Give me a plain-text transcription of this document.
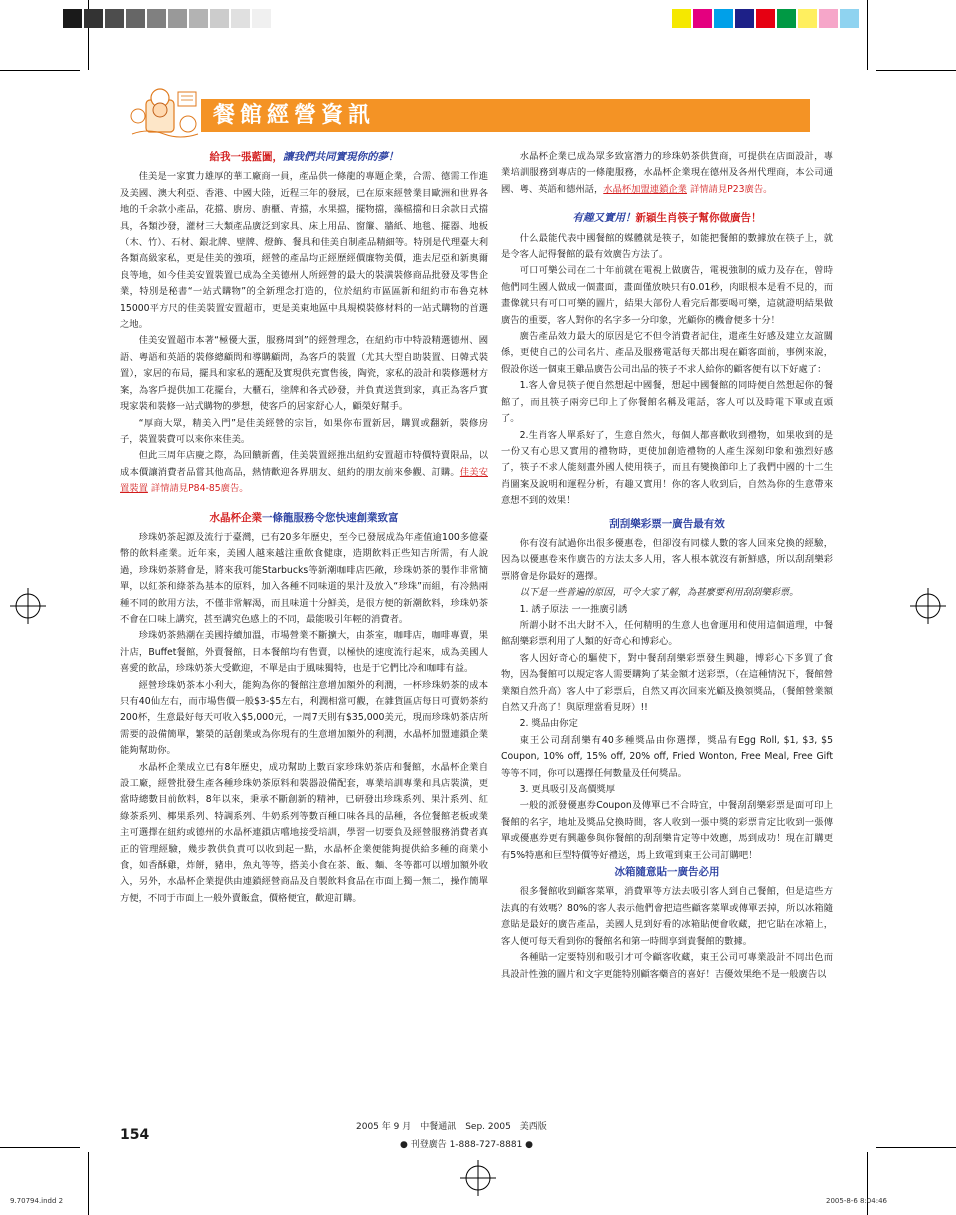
餐館經營資訊
給我一張藍圖，讓我們共同實現你的夢！

佳美是一家實力雄厚的華工廠商一員，產品供一條龍的專題企業，合需、德需工作進及美國、澳大利亞、香港、中國大陸，近程三年的發展，已在原來經營業目歐洲和世界各地的千余款小產品，花擋、廚房、廚櫃、青擋，水果擋，擺物擋，藻檔擋和日余款日式擋具，各類沙發，灌材三大類產品廣泛到家具、床上用品、窗簾、牆紙、地毯、擺器、地板（木、竹）、石材、銀北牌、壁牌、燈飾、餐具和佳美自制產品精細等。特別是代理臺大利各類高級家私，更是佳美的強項，經營的產品均正經歷經價廉物美價，進去尼亞和新奧爾良等地，如今佳美安置裝置已成為全美德州人所經營的最大的裝潢裝修商品批發及零售企業，特別是秘書“一站式購物”的全新理念打造的，位於紐約市區區新和紐約市布魯克林15000平方尺的佳美裝置安置超市，更是美東地區中具規模裝修材料的一站式購物的首選之地。

佳美安置超市本著“極優大蛋，服務周到”的經營理念，在紐約市中特設精選德州、國語、粵語和英語的裝修總顧問和導購顧問，為客戶的裝置（尤其大型自助裝置、日韓式裝置），家居的布局，擺具和家私的選配及實現供充實售後，陶瓷，家私的設計和裝修選材方案，為客戶提供加工花擺台，大櫃石，塗牌和各式砂發，并負責送貨到家，真正為客戶實現家裝和裝修一站式購物的夢想，使客戶的居家舒心人，顧榮好幫手。

“厚商大眾，精美入門”是佳美經營的宗旨，如果你布置新居，購買或翻新，裝修房子，裝置裝費可以來你來佳美。

但此三周年店慶之際，為回饋新舊，佳美裝置經推出紐約安置超市特價特賣限品，以成本價讓消費者品嘗其他高品，熱情歡迎各界朋友、紐約的朋友前來參觀、訂購。佳美安置裝置 詳情請見P84-85廣告。

水晶杯企業一條龍服務令您快速創業致富

珍珠奶茶起源及流行于臺灣，已有20多年歷史，至今已發展成為年產值逾100多億臺幣的飲料產業。近年來，美國人越來越注重飲食健康，造期飲料正些知吉所需，有人說過，珍珠奶茶將會是，將來我可能Starbucks等新潮咖啡店匹敵，珍珠奶茶的製作非常簡單，以紅茶和綠茶為基本的原料，加入各種不同味道的果汁及放入“珍珠”而組，有冷熱兩種不同的飲用方法，不僅非常解渴，而且味道十分鮮美，是很方便的新潮飲料，珍珠奶茶不會在口味上講究，甚至講究色感上的不同，最能吸引年輕的消費者。

珍珠奶茶熱潮在美國持續加溫，市場營業不斷擴大，由茶室，咖啡店，咖啡專賣，果汁店，Buffet餐館，外賣餐館，日本餐館均有售賣，以極快的速度流行起來，成為美國人喜愛的飲品，珍珠奶茶大受歡迎，不單是由于風味獨特，也是于它們比冷和咖啡有益。

經營珍珠奶茶本小利大，能夠為你的餐館注意增加額外的利潤，一杯珍珠奶茶的成本只有40仙左右，而市場售價一般$3-$5左右，利潤相當可觀，在雜貨區店每日可賣奶茶約200杯，生意最好每天可收入$5,000元，一周7天則有$35,000美元，現而珍珠奶茶店所需要的設備簡單，繁榮的話創業或為你現有的生意增加額外的利潤，水晶杯加盟連鎖企業能夠幫助你。

水晶杯企業成立已有8年歷史，成功幫助上數百家珍珠奶茶店和餐館，水晶杯企業自設工廠，經營批發生產各種珍珠奶茶原料和裝器設備配套，專業培訓專業和具店裝潢，更當時總數目前飲料，8年以來，秉承不斷創新的精神，已研發出珍珠系列、果汁系列、紅綠茶系列、椰果系列、特調系列、牛奶系列等數百種口味各具的品種，各位餐館老板或業主可選擇在紐約或德州的水晶杯連鎖店嚐地接受培訓，學習一切要負及經營服務消費者真正的管理經驗，幾步教供負責可以收到起一點，水晶杯企業便能夠提供給多種的商業小食，如香酥雞，炸餅，豬串，魚丸等等，搭美小食在茶、飯、麵、冬等都可以增加額外收入，另外，水晶杯企業提供由連鎖經營商品及自製飲料食品在市面上獨一無二，操作簡單方便，不同于市面上一般外賣飯盒，價格便宜，歡迎訂購。

水晶杯企業已成為眾多致富潛力的珍珠奶茶供貨商，可提供在店面設計，專業培訓服務到專店的一條龍服務，水晶杯企業現在德州及各州代理商，本公司通國、粵、英語和德州話，水晶杯加盟連鎖企業 詳情請見P23廣告。

有趣又實用！新穎生肖筷子幫你做廣告！

什么最能代表中國餐館的媒體就是筷子，如能把餐館的數據放在筷子上，就是令客人記得餐館的最有效廣告方法了。

可口可樂公司在二十年前就在電視上做廣告，電視強制的威力及存在，曾時他們同生國人做成一個畫面，畫面僅放映只有0.01秒，肉眼根本是看不見的，而畫像就只有可口可樂的圖片，結果大部份人看完后都要喝可樂，這就證明結果做廣告的重要，客人對你的名字多一分印象，光顧你的機會便多十分！

廣告產品效力最大的原因是它不但令消費者記住，還產生好感及建立友誼關係，更使自己的公司名片、產品及服務電話每天都出現在顧客面前，事例來說，假設你送一個東王雞品廣告公司出品的筷子不求人給你的顧客便有以下好處了：

1.客人會見筷子便自然想起中國餐，想起中國餐館的同時便自然想起你的餐館了，而且筷子兩旁已印上了你餐館名稱及電話，客人可以及時電下單或直頭了。

2.生肖客人單系好了，生意自然火，每個人都喜歡收到禮物，如果收到的是一份又有心思又實用的禮物時，更使加創造禮物的人產生深刻印象和強烈好感了，筷子不求人能刻畫外國人使用筷子，而且有變換節印上了我們中國的十二生肖圖案及說明和運程分析，有趣又實用！你的客人收到后，自然為你的生意帶來意想不到的效果！

刮刮樂彩票一廣告最有效

你有沒有試過你出很多優惠卷，但卻沒有同樣人數的客人回來兌換的經驗，因為以優惠卷來作廣告的方法太多人用，客人根本就沒有新鮮感，所以刮刮樂彩票將會是你最好的選擇。

以下是一些普遍的原因，可令大家了解，為甚麼要利用刮刮樂彩票。

1. 誘子原法 一一推廣引誘

所謂小財不出大財不入，任何精明的生意人也會運用和使用這個道理，中餐館刮樂彩票利用了人類的好奇心和博彩心。

客人因好奇心的驅使下，對中餐刮刮樂彩票發生興趣，博彩心下多買了食物，因為餐館可以規定客人需要購夠了某金額才送彩票，（在這種情況下，餐館營業額自然升高）客人中了彩票后，自然又再次回來光顧及換領獎品，（餐館營業額自然又升高了！與原理當看見呀）!!

2. 獎品由你定

東王公司刮刮樂有40多種獎品由你選擇，獎品有Egg Roll, $1, $3, $5 Coupon, 10% off, 15% off, 20% off, Fried Wonton, Free Meal, Free Gift等等不同，你可以選擇任何數量及任何獎品。

3. 更具吸引及高價獎厚

一般的派發優惠券Coupon及傳單已不合時宜，中餐刮刮樂彩票是面可印上餐館的名字，地址及獎品兌換時間，客人收到一張中獎的彩票肯定比收到一張傳單或優惠券更有興趣參與你餐館的刮刮樂肯定等中效應，馬到成功！現在訂購更有5%特惠和巨型特價等好禮送，馬上致電到東王公司訂購吧！

冰箱隨意貼一廣告必用

很多餐館收到顧客菜單，消費單等方法去吸引客人到自己餐館，但是這些方法真的有效嗎？80%的客人表示他們會把這些顧客菜單或傳單丟掉，所以冰箱隨意貼是最好的廣告產品，美國人見到好看的冰箱貼便會收藏，把它貼在冰箱上，客人便可每天看到你的餐館名和第一時間享到貴餐館的數據。

各種貼一定要特別和吸引才可令顧客收藏，東王公司可專業設計不同出色而具設計性強的圖片和文字更能特別顧客藥音的喜好！吉優效果绝不是一般廣告以

154	2005 年 9 月　中餐通訊　Sep. 2005　美西版
● 刊登廣告 1-888-727-8881 ●
9.70794.indd 2	2005-8-6 8:04:46
